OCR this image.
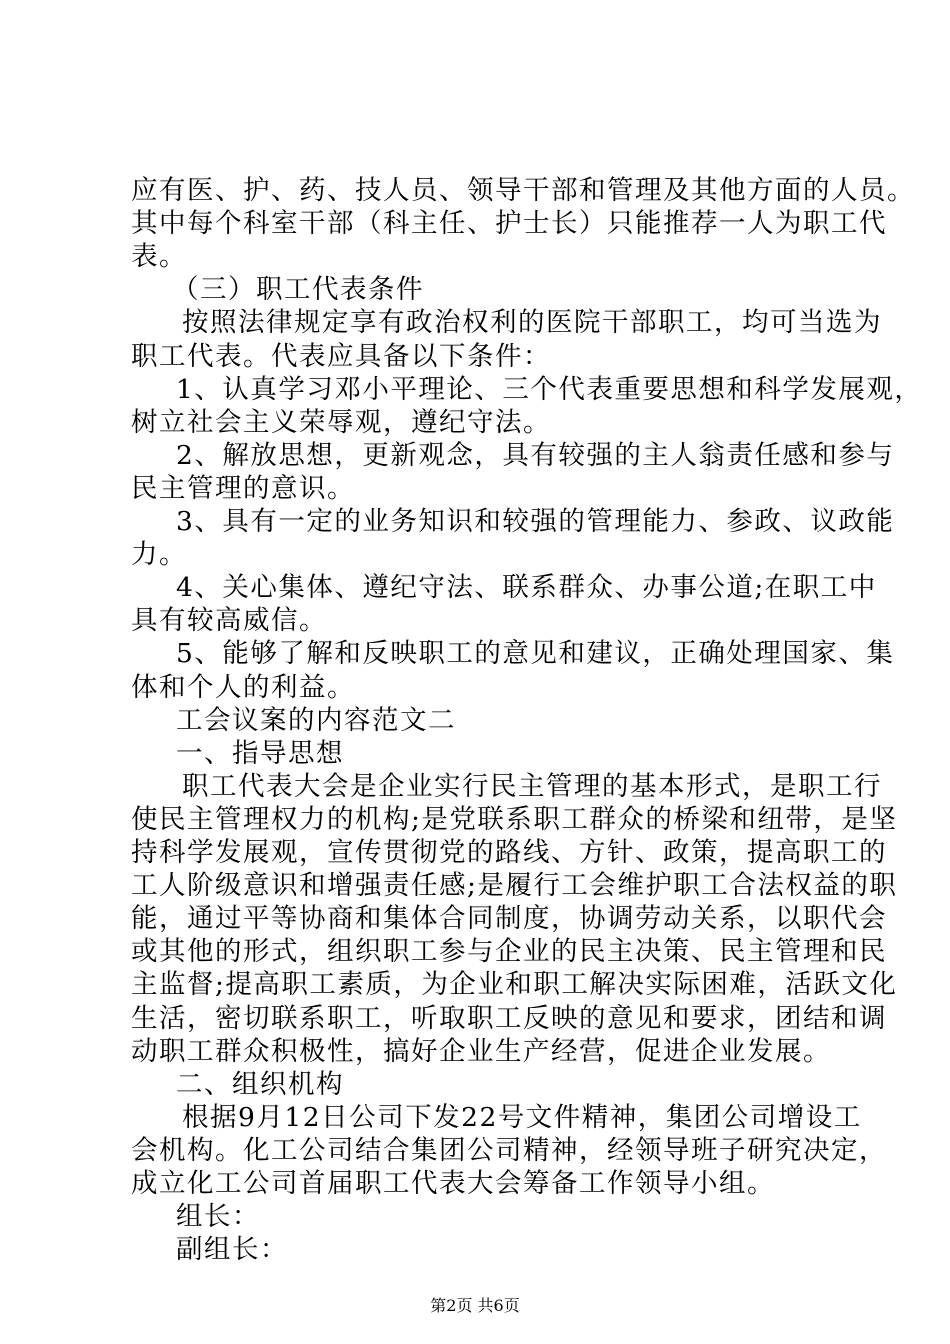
应有医、护、药、技人员、领导干部和管理及其他方面的人员。
其中每个科室干部（科主任、护士长）只能推荐一人为职工代
表。
（三）职工代表条件
按照法律规定享有政治权利的医院干部职工，均可当选为
职工代表。代表应具备以下条件：
1、认真学习邓小平理论、三个代表重要思想和科学发展观，
树立社会主义荣辱观，遵纪守法。
2、解放思想，更新观念，具有较强的主人翁责任感和参与
民主管理的意识。
3、具有一定的业务知识和较强的管理能力、参政、议政能
力。
4、关心集体、遵纪守法、联系群众、办事公道;在职工中
具有较高威信。
5、能够了解和反映职工的意见和建议，正确处理国家、集
体和个人的利益。
工会议案的内容范文二
一、指导思想
职工代表大会是企业实行民主管理的基本形式，是职工行
使民主管理权力的机构;是党联系职工群众的桥梁和纽带，是坚
持科学发展观，宣传贯彻党的路线、方针、政策，提高职工的
工人阶级意识和增强责任感;是履行工会维护职工合法权益的职
能，通过平等协商和集体合同制度，协调劳动关系，以职代会
或其他的形式，组织职工参与企业的民主决策、民主管理和民
主监督;提高职工素质，为企业和职工解决实际困难，活跃文化
生活，密切联系职工，听取职工反映的意见和要求，团结和调
动职工群众积极性，搞好企业生产经营，促进企业发展。
二、组织机构
根据9月12日公司下发22号文件精神，集团公司增设工
会机构。化工公司结合集团公司精神，经领导班子研究决定，
成立化工公司首届职工代表大会筹备工作领导小组。
组长：
副组长：
第2页 共6页
